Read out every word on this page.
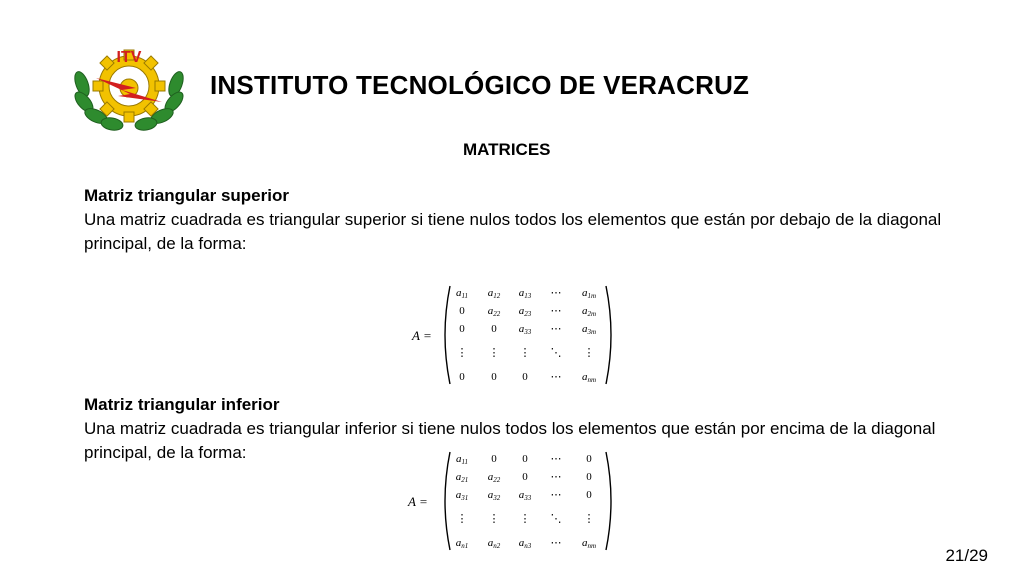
ITV
INSTITUTO TECNOLÓGICO DE VERACRUZ
MATRICES
Matriz triangular superior
Una matriz cuadrada es triangular superior si tiene nulos todos los elementos que están por debajo de la diagonal principal, de la forma:
A =
a11 a12 a13 ⋯ a1m
0 a22 a23 ⋯ a2m
0 0 a33 ⋯ a3m
⋮ ⋮ ⋮ ⋱ ⋮
0 0 0 ⋯ anm
Matriz triangular inferior
Una matriz cuadrada es triangular inferior si tiene nulos todos los elementos que están por encima de la diagonal principal, de la forma:
A =
a11 0 0 ⋯ 0
a21 a22 0 ⋯ 0
a31 a32 a33 ⋯ 0
⋮ ⋮ ⋮ ⋱ ⋮
an1 an2 an3 ⋯ anm	21/29
